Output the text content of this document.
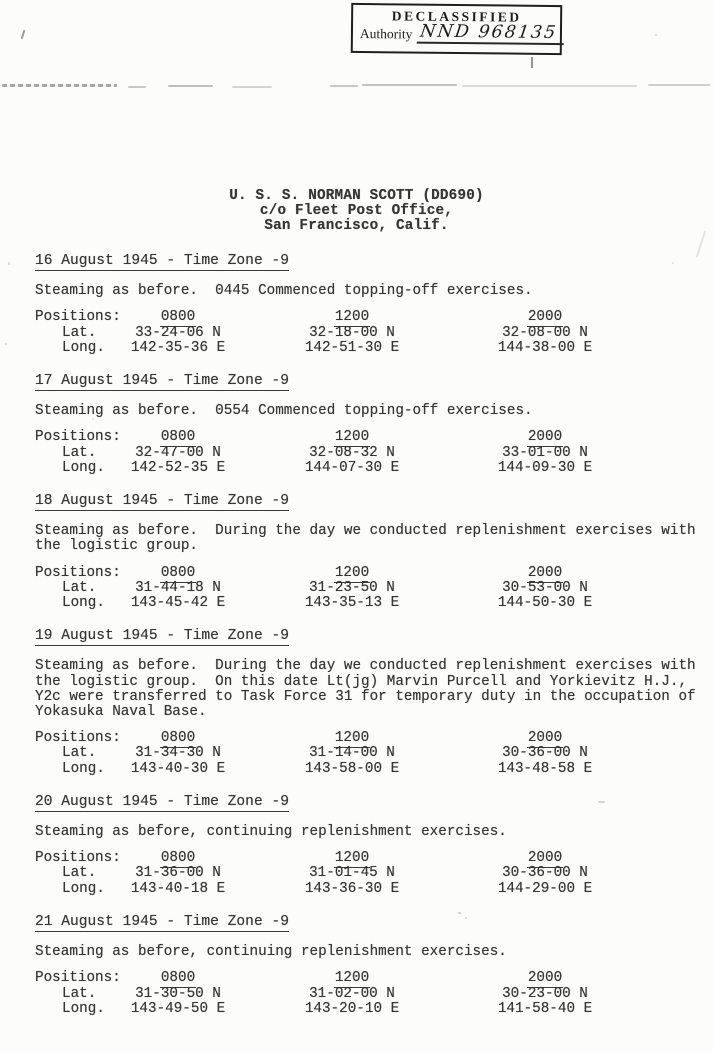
DECLASSIFIED
Authority NND 968135
U. S. S. NORMAN SCOTT (DD690)
c/o Fleet Post Office,
San Francisco, Calif.
16 August 1945 - Time Zone -9

Steaming as before.  0445 Commenced topping-off exercises.

Positions:	0800	1200	2000
Lat.	33-24-06 N	32-18-00 N	32-08-00 N
Long.	142-35-36 E	142-51-30 E	144-38-00 E
17 August 1945 - Time Zone -9

Steaming as before.  0554 Commenced topping-off exercises.

Positions:	0800	1200	2000
Lat.	32-47-00 N	32-08-32 N	33-01-00 N
Long.	142-52-35 E	144-07-30 E	144-09-30 E
18 August 1945 - Time Zone -9

Steaming as before.  During the day we conducted replenishment exercises with the logistic group.

Positions:	0800	1200	2000
Lat.	31-44-18 N	31-23-50 N	30-53-00 N
Long.	143-45-42 E	143-35-13 E	144-50-30 E
19 August 1945 - Time Zone -9

Steaming as before.  During the day we conducted replenishment exercises with the logistic group.  On this date Lt(jg) Marvin Purcell and Yorkievitz H.J., Y2c were transferred to Task Force 31 for temporary duty in the occupation of Yokasuka Naval Base.

Positions:	0800	1200	2000
Lat.	31-34-30 N	31-14-00 N	30-36-00 N
Long.	143-40-30 E	143-58-00 E	143-48-58 E
20 August 1945 - Time Zone -9

Steaming as before, continuing replenishment exercises.

Positions:	0800	1200	2000
Lat.	31-36-00 N	31-01-45 N	30-36-00 N
Long.	143-40-18 E	143-36-30 E	144-29-00 E
21 August 1945 - Time Zone -9

Steaming as before, continuing replenishment exercises.

Positions:	0800	1200	2000
Lat.	31-30-50 N	31-02-00 N	30-23-00 N
Long.	143-49-50 E	143-20-10 E	141-58-40 E
